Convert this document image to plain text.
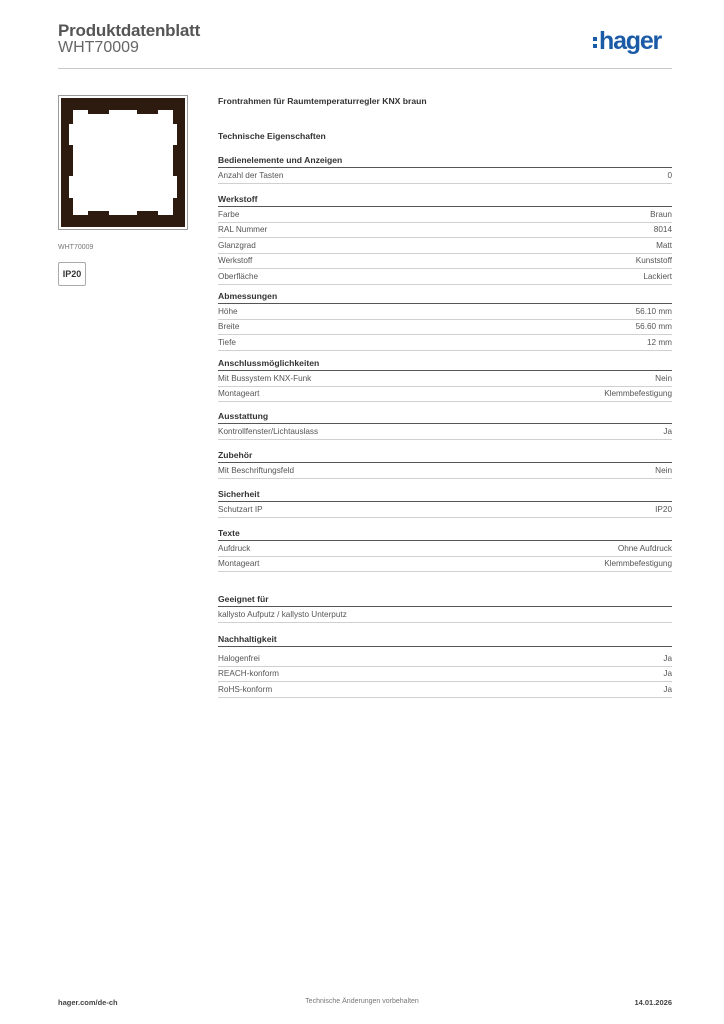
Produktdatenblatt
WHT70009	hager
WHT70009
IP20
Frontrahmen für Raumtemperaturregler KNX braun
Technische Eigenschaften
Bedienelemente und Anzeigen
Anzahl der Tasten	0
Werkstoff
Farbe	Braun
RAL Nummer	8014
Glanzgrad	Matt
Werkstoff	Kunststoff
Oberfläche	Lackiert
Abmessungen
Höhe	56.10 mm
Breite	56.60 mm
Tiefe	12 mm
Anschlussmöglichkeiten
Mit Bussystem KNX-Funk	Nein
Montageart	Klemmbefestigung
Ausstattung
Kontrollfenster/Lichtauslass	Ja
Zubehör
Mit Beschriftungsfeld	Nein
Sicherheit
Schutzart IP	IP20
Texte
Aufdruck	Ohne Aufdruck
Montageart	Klemmbefestigung
Geeignet für
kallysto Aufputz / kallysto Unterputz
Nachhaltigkeit
Halogenfrei	Ja
REACH-konform	Ja
RoHS-konform	Ja
hager.com/de-ch	Technische Änderungen vorbehalten	14.01.2026
